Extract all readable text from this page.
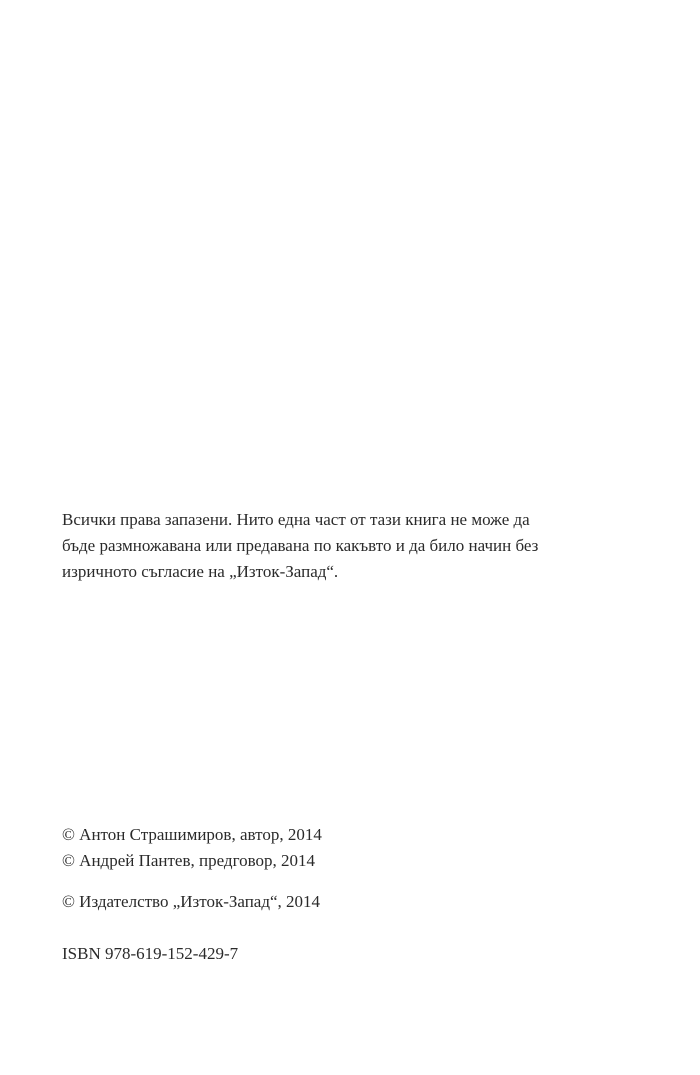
Всички права запазени. Нито една част от тази книга не може да
бъде размножавана или предавана по какъвто и да било начин без
изричното съгласие на „Изток-Запад“.

© Антон Страшимиров, автор, 2014
© Андрей Пантев, предговор, 2014

© Издателство „Изток-Запад“, 2014
ISBN 978-619-152-429-7
